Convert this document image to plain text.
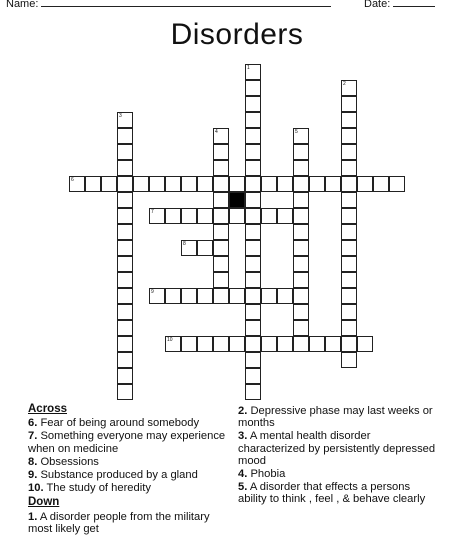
Name:	Date:
Disorders
1
2
3
4	5
6
7
8
9
10
Across
6. Fear of being around somebody
7. Something everyone may experience when on medicine
8. Obsessions
9. Substance produced by a gland
10. The study of heredity
Down
1. A disorder people from the military most likely get
2. Depressive phase may last weeks or months
3. A mental health disorder characterized by persistently depressed mood
4. Phobia
5. A disorder that effects a persons ability to think , feel , & behave clearly
